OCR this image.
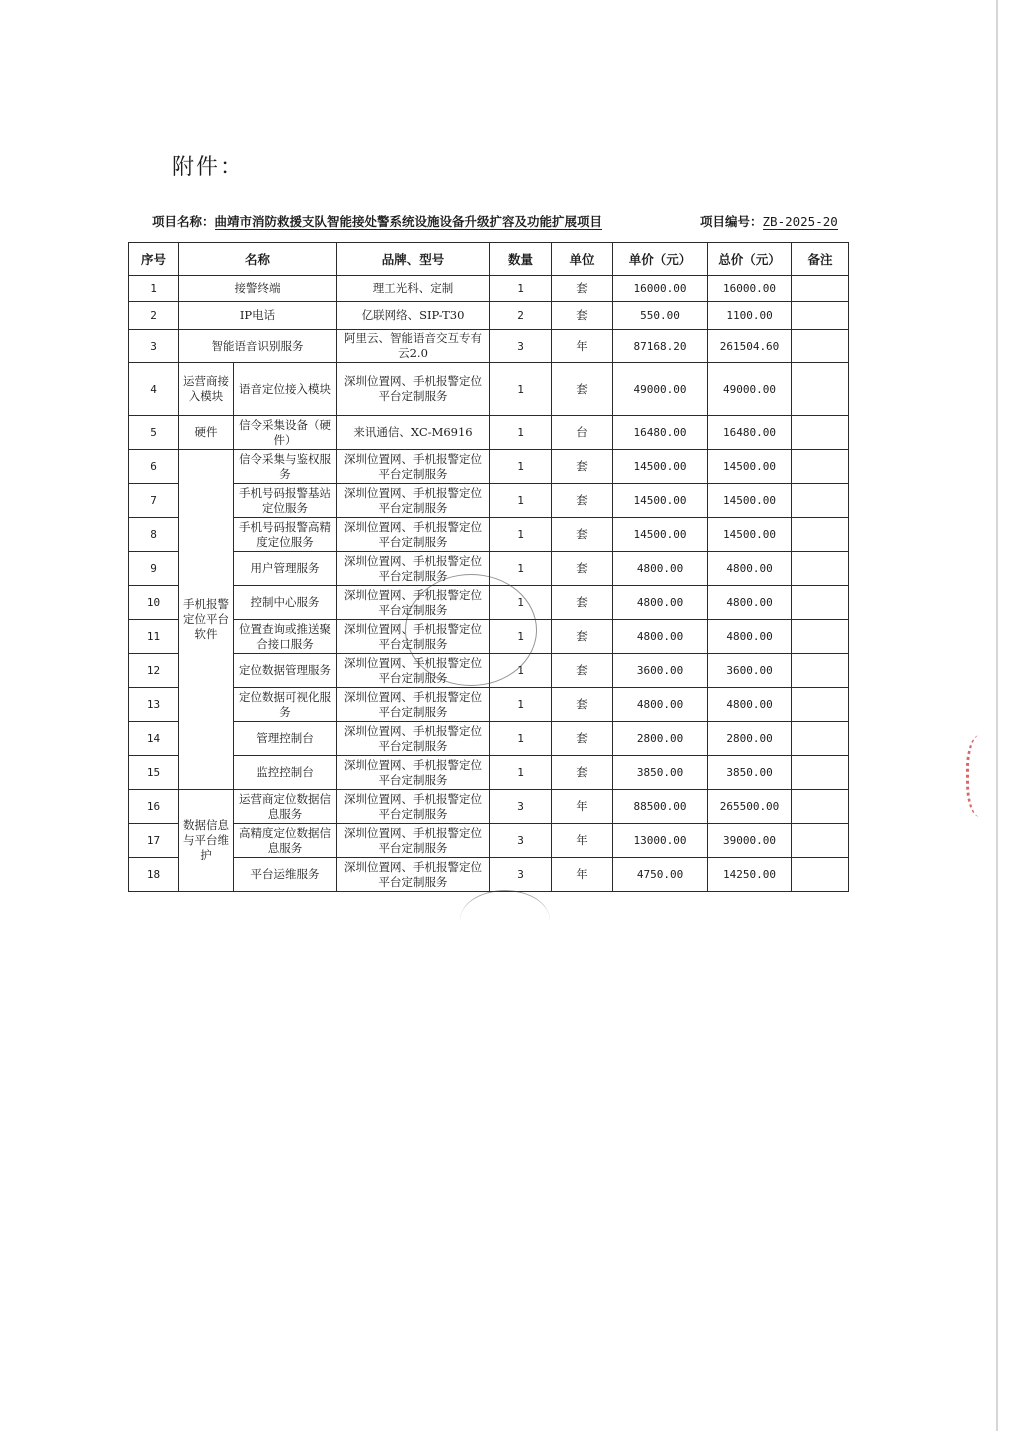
附件：
项目名称：曲靖市消防救援支队智能接处警系统设施设备升级扩容及功能扩展项目	项目编号：ZB-2025-20
序号	名称		品牌、型号	数量	单位	单价（元）	总价（元）	备注
1	接警终端		理工光科、定制	1	套	16000.00	16000.00	
2	IP电话		亿联网络、SIP-T30	2	套	550.00	1100.00	
3	智能语音识别服务		阿里云、智能语音交互专有云2.0	3	年	87168.20	261504.60	
4	运营商接入模块	语音定位接入模块	深圳位置网、手机报警定位平台定制服务	1	套	49000.00	49000.00	
5	硬件	信令采集设备（硬件）	来讯通信、XC-M6916	1	台	16480.00	16480.00	
6	手机报警定位平台软件	信令采集与鉴权服务	深圳位置网、手机报警定位平台定制服务	1	套	14500.00	14500.00	
7		手机号码报警基站定位服务	深圳位置网、手机报警定位平台定制服务	1	套	14500.00	14500.00	
8		手机号码报警高精度定位服务	深圳位置网、手机报警定位平台定制服务	1	套	14500.00	14500.00	
9		用户管理服务	深圳位置网、手机报警定位平台定制服务	1	套	4800.00	4800.00	
10		控制中心服务	深圳位置网、手机报警定位平台定制服务	1	套	4800.00	4800.00	
11		位置查询或推送聚合接口服务	深圳位置网、手机报警定位平台定制服务	1	套	4800.00	4800.00	
12		定位数据管理服务	深圳位置网、手机报警定位平台定制服务	1	套	3600.00	3600.00	
13		定位数据可视化服务	深圳位置网、手机报警定位平台定制服务	1	套	4800.00	4800.00	
14		管理控制台	深圳位置网、手机报警定位平台定制服务	1	套	2800.00	2800.00	
15		监控控制台	深圳位置网、手机报警定位平台定制服务	1	套	3850.00	3850.00	
16	数据信息与平台维护	运营商定位数据信息服务	深圳位置网、手机报警定位平台定制服务	3	年	88500.00	265500.00	
17		高精度定位数据信息服务	深圳位置网、手机报警定位平台定制服务	3	年	13000.00	39000.00	
18		平台运维服务	深圳位置网、手机报警定位平台定制服务	3	年	4750.00	14250.00	
